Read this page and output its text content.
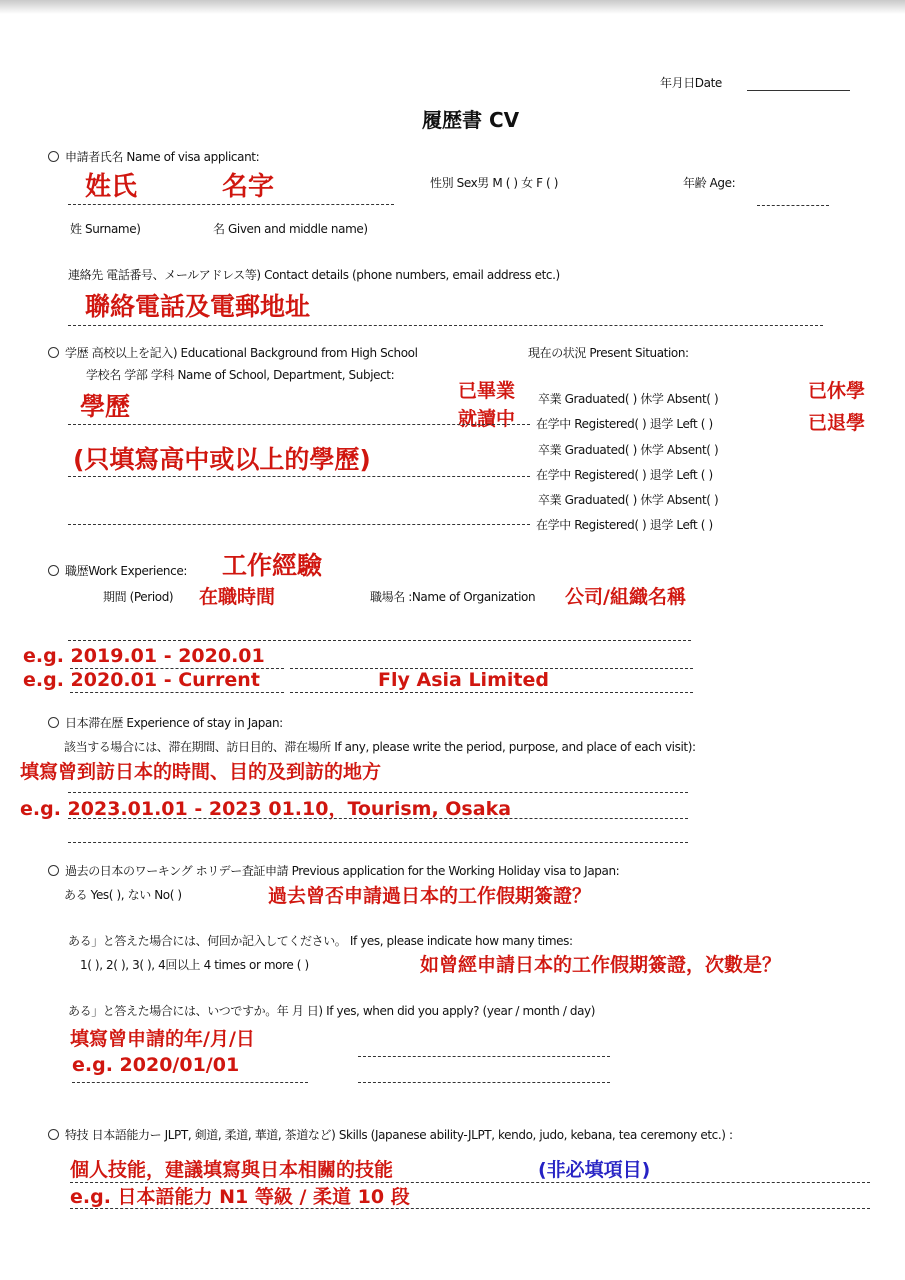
年月日Date
履歴書 CV
申請者氏名 Name of visa applicant:
姓氏	名字	性別 Sex男 M ( ) 女 F ( )	年齢 Age:
姓 Surname)	名 Given and middle name)
連絡先 電話番号、メールアドレス等) Contact details (phone numbers, email address etc.)
聯絡電話及電郵地址
学歴 高校以上を記入) Educational Background from High School	現在の状況 Present Situation:
学校名 学部 学科 Name of School, Department, Subject:
學歷
已畢業
就讀中
已休學
已退學
卒業 Graduated( ) 休学 Absent( )
在学中 Registered( ) 退学 Left ( )
(只填寫高中或以上的學歷)	卒業 Graduated( ) 休学 Absent( )
在学中 Registered( ) 退学 Left ( )
卒業 Graduated( ) 休学 Absent( )
在学中 Registered( ) 退学 Left ( )
職歴Work Experience: 工作經驗
期間 (Period) 在職時間	職場名 :Name of Organization 公司/組織名稱
e.g. 2019.01 - 2020.01
e.g. 2020.01 - Current	Fly Asia Limited
日本滞在歴 Experience of stay in Japan:
該当する場合には、滞在期間、訪日目的、滞在場所 If any, please write the period, purpose, and place of each visit):
填寫曾到訪日本的時間、目的及到訪的地方
e.g. 2023.01.01 - 2023 01.10，Tourism, Osaka
過去の日本のワーキング ホリデー査証申請 Previous application for the Working Holiday visa to Japan:
ある Yes( ), ない No( )	過去曾否申請過日本的工作假期簽證？
ある」と答えた場合には、何回か記入してください。 If yes, please indicate how many times:
1( ), 2( ), 3( ), 4回以上 4 times or more ( )	如曾經申請日本的工作假期簽證，次數是？
ある」と答えた場合には、いつですか。年 月 日) If yes, when did you apply? (year / month / day)
填寫曾申請的年/月/日
e.g. 2020/01/01
特技 日本語能力ー JLPT, 剣道, 柔道, 華道, 茶道など) Skills (Japanese ability-JLPT, kendo, judo, kebana, tea ceremony etc.) :
個人技能，建議填寫與日本相關的技能	(非必填項目)
e.g. 日本語能力 N1 等級 / 柔道 10 段
